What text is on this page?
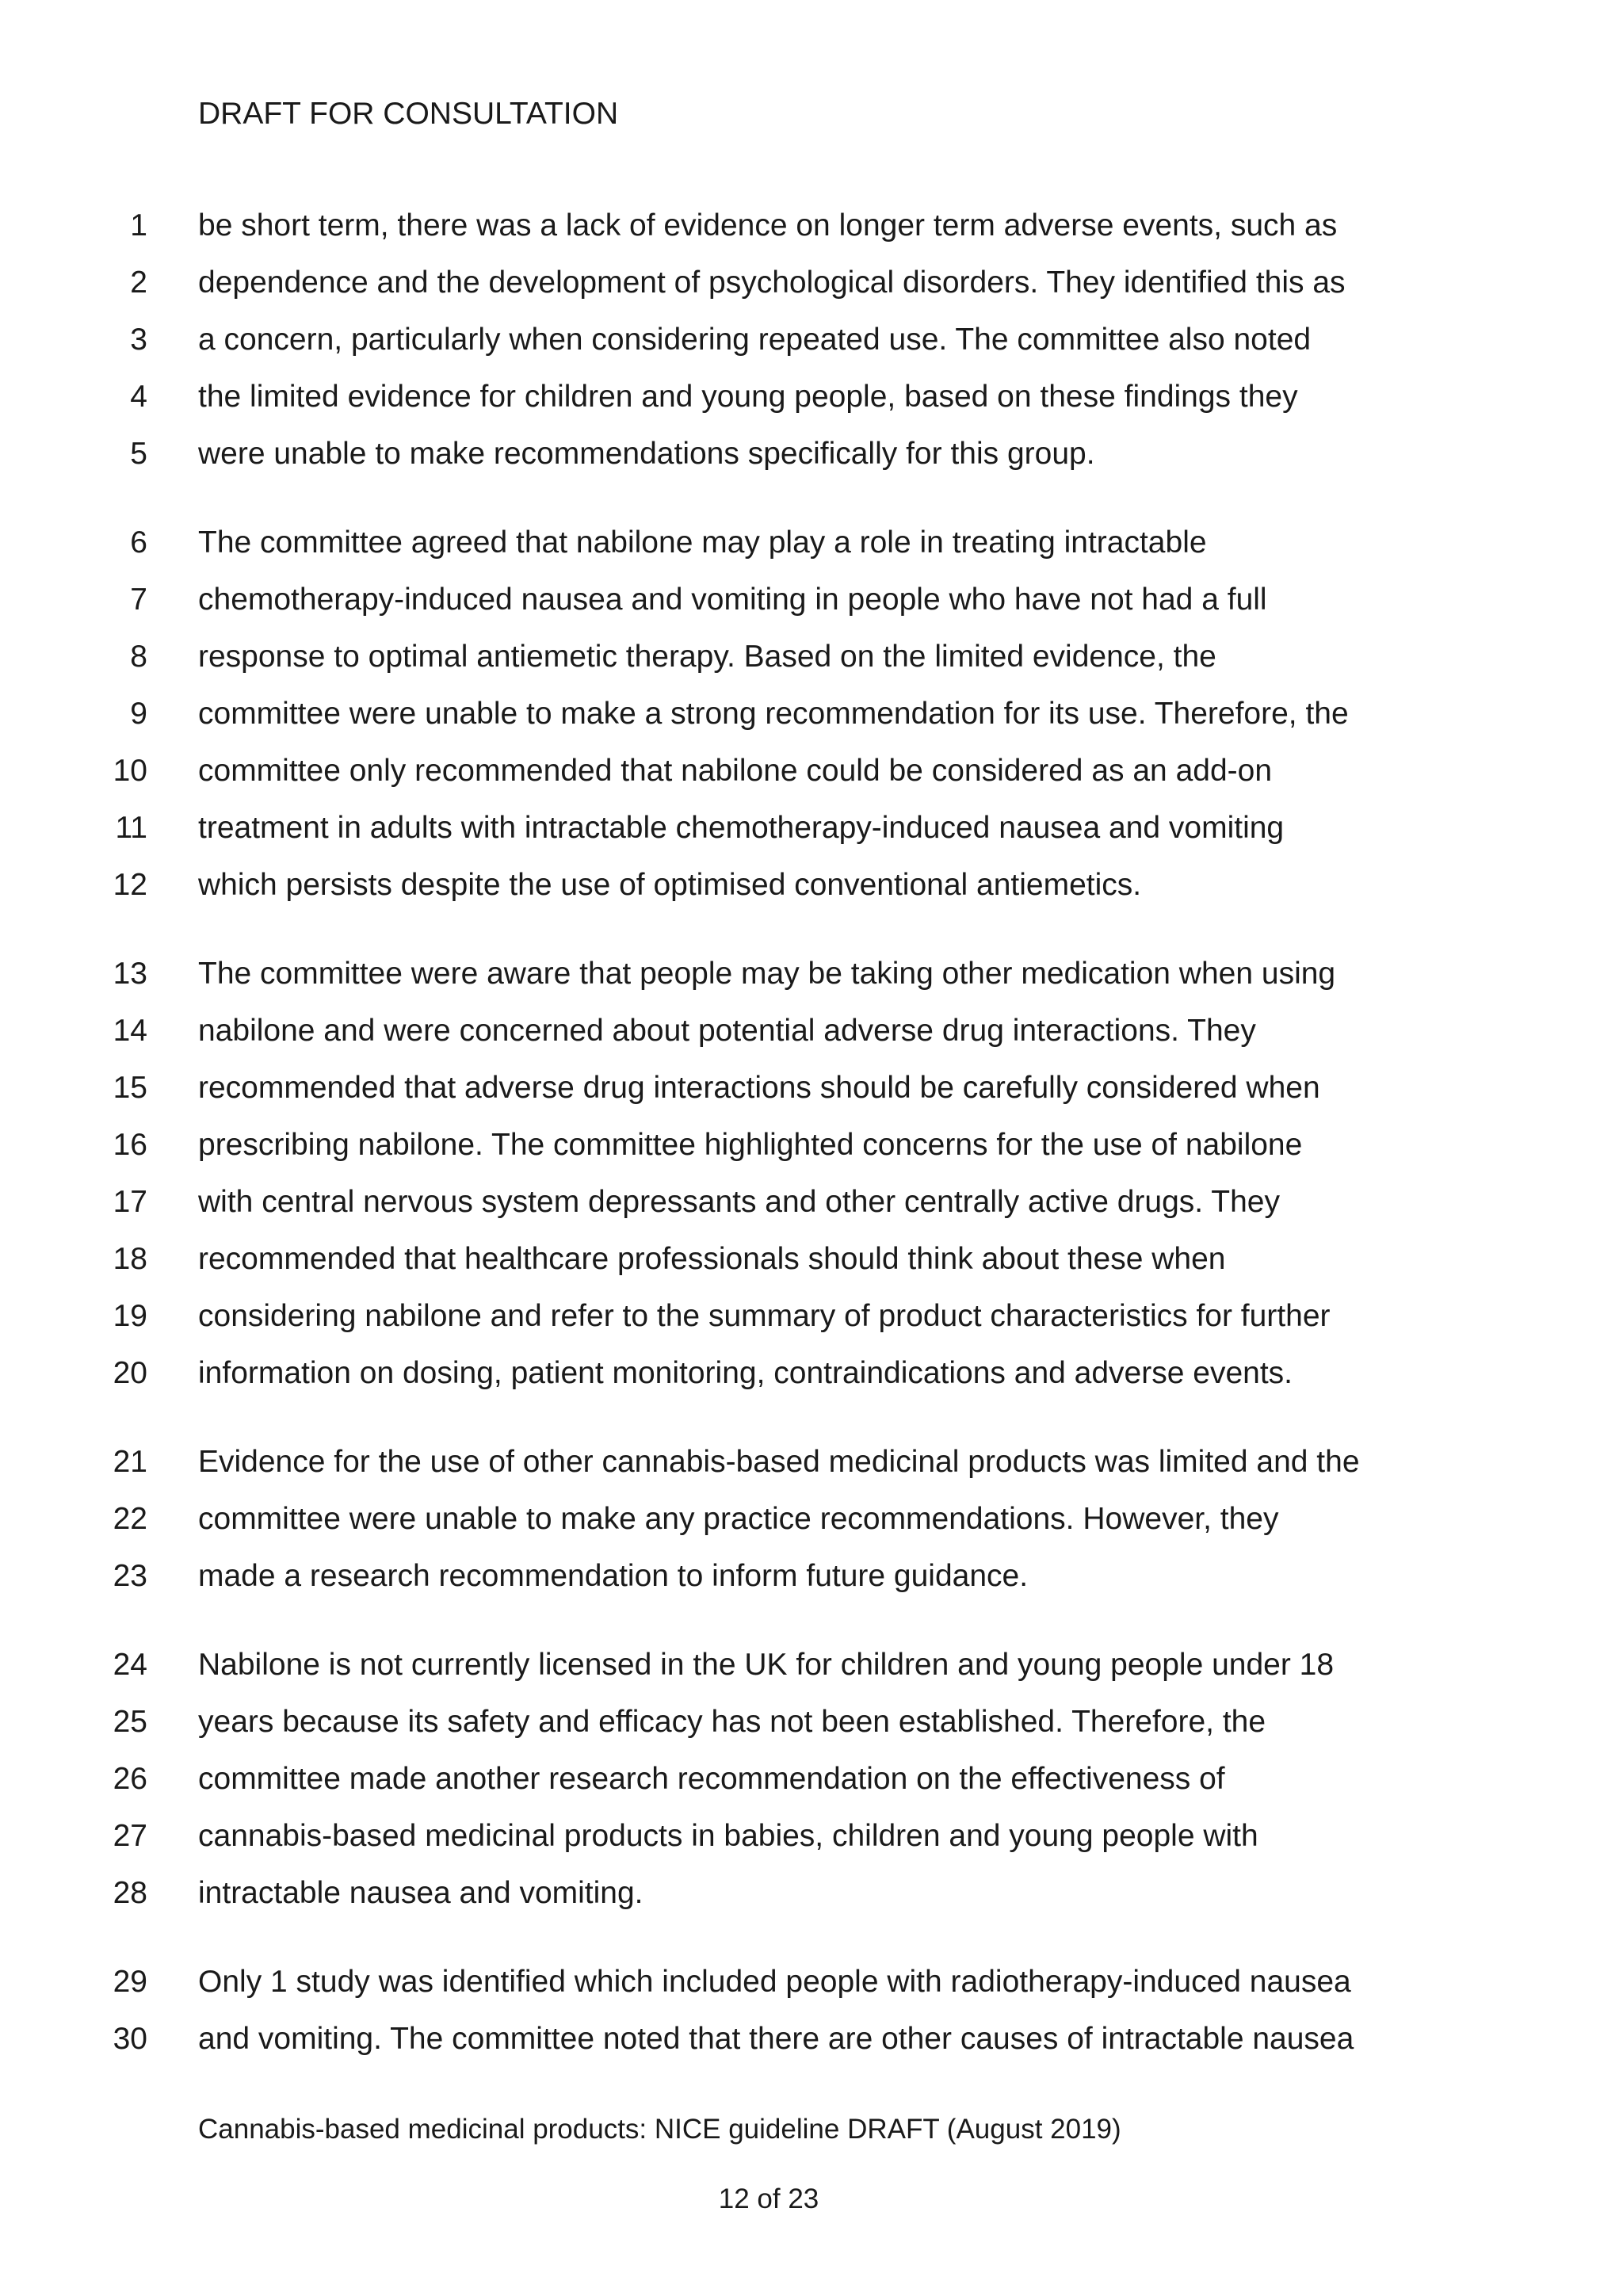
DRAFT FOR CONSULTATION
1 be short term, there was a lack of evidence on longer term adverse events, such as
2 dependence and the development of psychological disorders. They identified this as
3 a concern, particularly when considering repeated use. The committee also noted
4 the limited evidence for children and young people, based on these findings they
5 were unable to make recommendations specifically for this group.
6 The committee agreed that nabilone may play a role in treating intractable
7 chemotherapy-induced nausea and vomiting in people who have not had a full
8 response to optimal antiemetic therapy. Based on the limited evidence, the
9 committee were unable to make a strong recommendation for its use. Therefore, the
10 committee only recommended that nabilone could be considered as an add-on
11 treatment in adults with intractable chemotherapy-induced nausea and vomiting
12 which persists despite the use of optimised conventional antiemetics.
13 The committee were aware that people may be taking other medication when using
14 nabilone and were concerned about potential adverse drug interactions. They
15 recommended that adverse drug interactions should be carefully considered when
16 prescribing nabilone. The committee highlighted concerns for the use of nabilone
17 with central nervous system depressants and other centrally active drugs. They
18 recommended that healthcare professionals should think about these when
19 considering nabilone and refer to the summary of product characteristics for further
20 information on dosing, patient monitoring, contraindications and adverse events.
21 Evidence for the use of other cannabis-based medicinal products was limited and the
22 committee were unable to make any practice recommendations. However, they
23 made a research recommendation to inform future guidance.
24 Nabilone is not currently licensed in the UK for children and young people under 18
25 years because its safety and efficacy has not been established. Therefore, the
26 committee made another research recommendation on the effectiveness of
27 cannabis-based medicinal products in babies, children and young people with
28 intractable nausea and vomiting.
29 Only 1 study was identified which included people with radiotherapy-induced nausea
30 and vomiting. The committee noted that there are other causes of intractable nausea
Cannabis-based medicinal products: NICE guideline DRAFT (August 2019)
12 of 23
